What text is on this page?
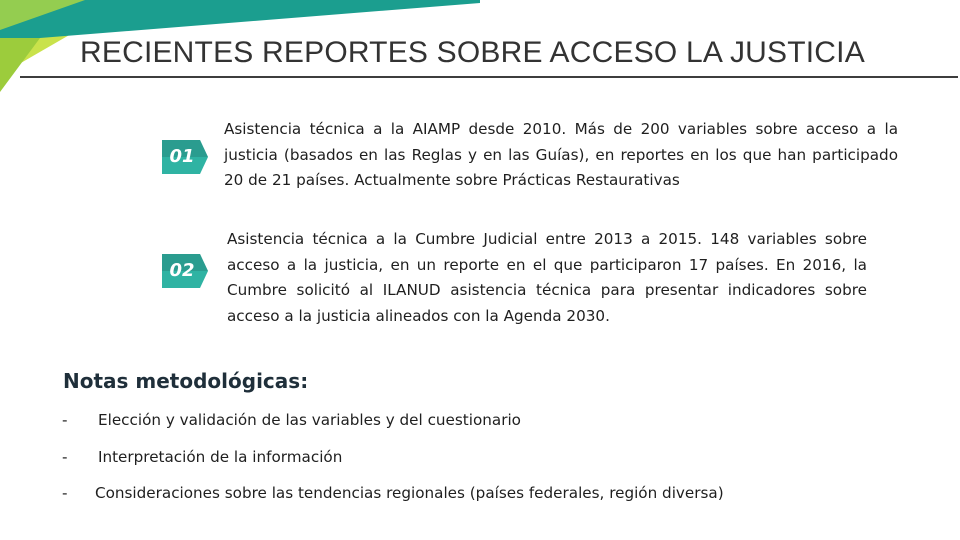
RECIENTES REPORTES SOBRE ACCESO LA JUSTICIA
01
Asistencia técnica a la AIAMP desde 2010. Más de 200 variables sobre acceso a la justicia (basados en las Reglas y en las Guías), en reportes en los que han participado 20 de 21 países. Actualmente sobre Prácticas Restaurativas
02
Asistencia técnica a la Cumbre Judicial entre 2013 a 2015. 148 variables sobre acceso a la justicia, en un reporte en el que participaron 17 países. En 2016, la Cumbre solicitó al ILANUD asistencia técnica para presentar indicadores sobre acceso a la justicia alineados con la Agenda 2030.
Notas metodológicas:
- Elección y validación de las variables y del cuestionario
- Interpretación de la información
- Consideraciones sobre las tendencias regionales (países federales, región diversa)
